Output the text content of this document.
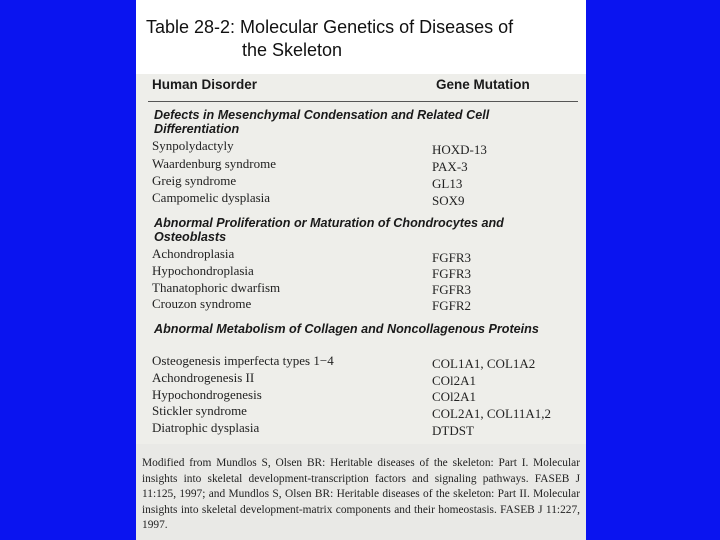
Table 28-2: Molecular Genetics of Diseases of
the Skeleton
Human Disorder	Gene Mutation
Defects in Mesenchymal Condensation and Related Cell Differentiation
Synpolydactyly	HOXD-13
Waardenburg syndrome	PAX-3
Greig syndrome	GL13
Campomelic dysplasia	SOX9
Abnormal Proliferation or Maturation of Chondrocytes and Osteoblasts
Achondroplasia	FGFR3
Hypochondroplasia	FGFR3
Thanatophoric dwarfism	FGFR3
Crouzon syndrome	FGFR2
Abnormal Metabolism of Collagen and Noncollagenous Proteins
Osteogenesis imperfecta types 1−4	COL1A1, COL1A2
Achondrogenesis II	COl2A1
Hypochondrogenesis	COl2A1
Stickler syndrome	COL2A1, COL11A1,2
Diatrophic dysplasia	DTDST
Modified from Mundlos S, Olsen BR: Heritable diseases of the skeleton: Part I. Molecular insights into skeletal development-transcription factors and signaling pathways. FASEB J 11:125, 1997; and Mundlos S, Olsen BR: Heritable diseases of the skeleton: Part II. Molecular insights into skeletal development-matrix components and their homeostasis. FASEB J 11:227, 1997.
